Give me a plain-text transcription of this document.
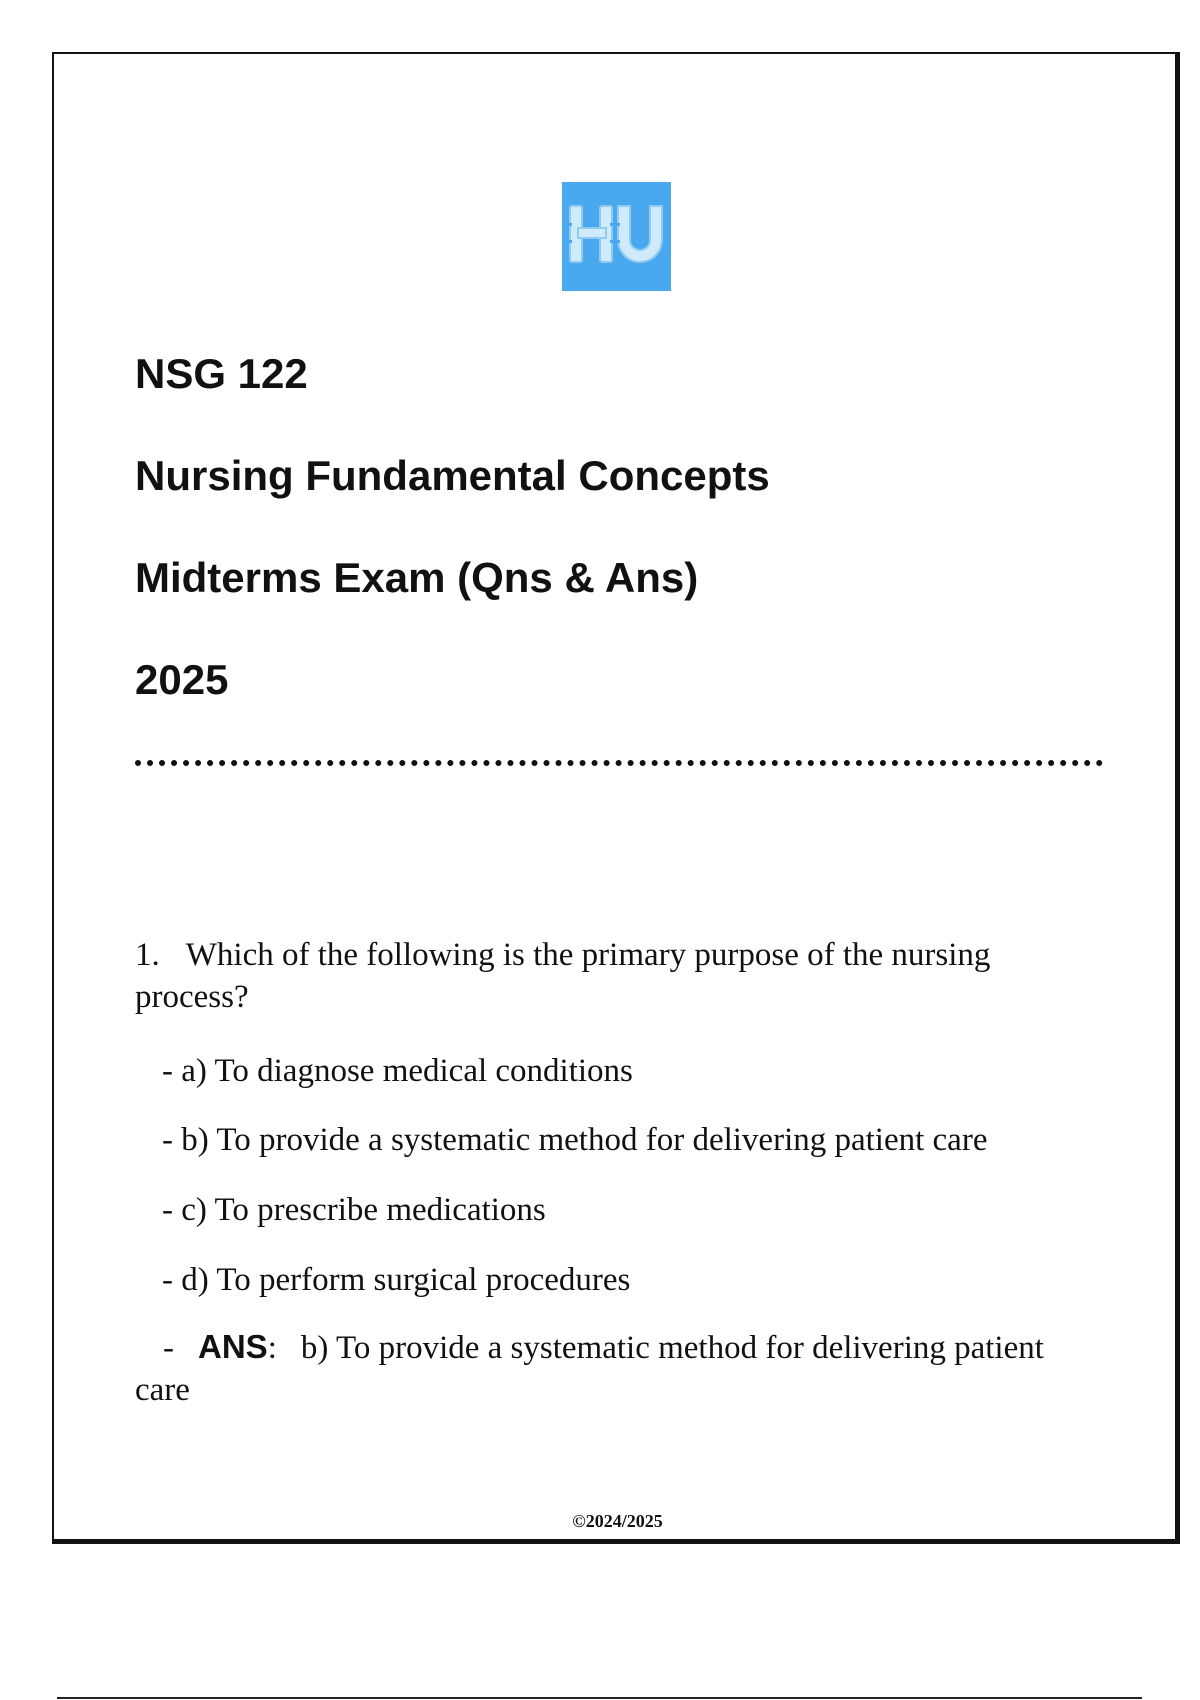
NSG 122
Nursing Fundamental Concepts
Midterms Exam (Qns & Ans)
2025
1. Which of the following is the primary purpose of the nursing process?
- a) To diagnose medical conditions
- b) To provide a systematic method for delivering patient care
- c) To prescribe medications
- d) To perform surgical procedures
- ANS: b) To provide a systematic method for delivering patient care
©2024/2025
